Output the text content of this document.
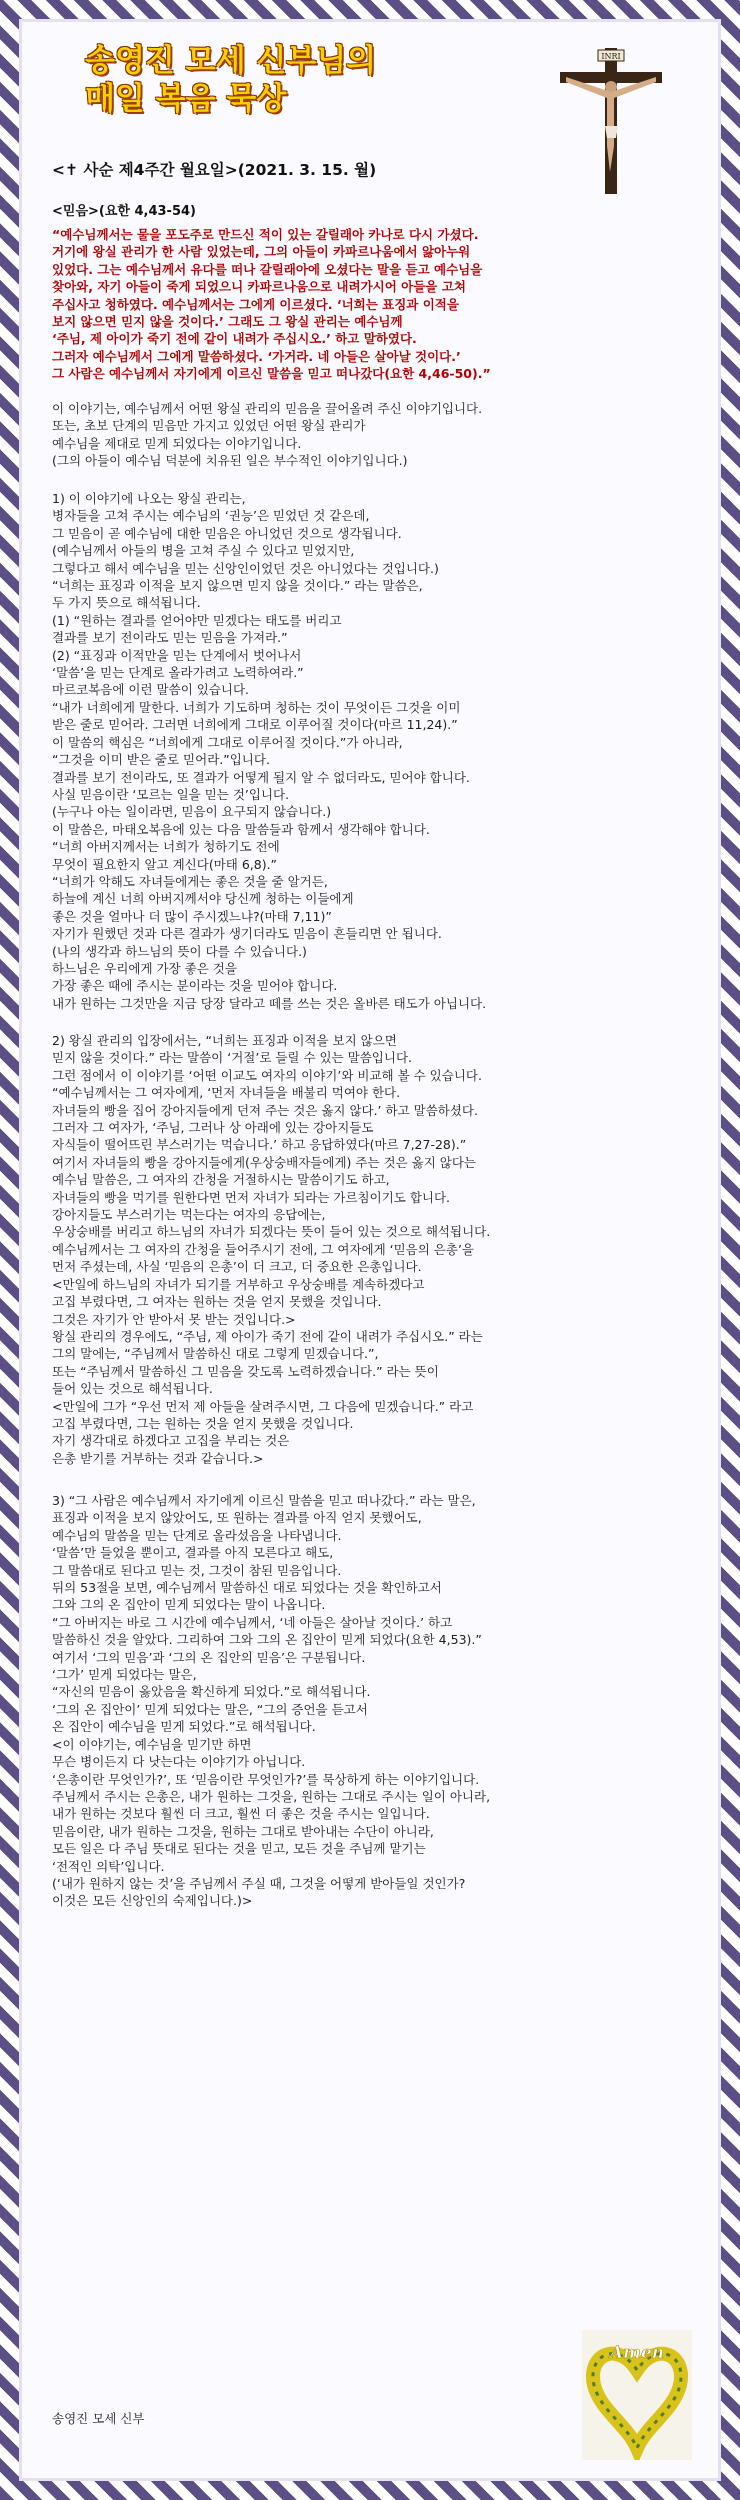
송영진 모세 신부님의
매일 복음 묵상
INRI
<✝ 사순 제4주간 월요일>(2021. 3. 15. 월)
<믿음>(요한 4,43-54)
“예수님께서는 물을 포도주로 만드신 적이 있는 갈릴래아 카나로 다시 가셨다.
거기에 왕실 관리가 한 사람 있었는데, 그의 아들이 카파르나움에서 앓아누워
있었다. 그는 예수님께서 유다를 떠나 갈릴래아에 오셨다는 말을 듣고 예수님을
찾아와, 자기 아들이 죽게 되었으니 카파르나움으로 내려가시어 아들을 고쳐
주십사고 청하였다. 예수님께서는 그에게 이르셨다. ‘너희는 표징과 이적을
보지 않으면 믿지 않을 것이다.’ 그래도 그 왕실 관리는 예수님께
‘주님, 제 아이가 죽기 전에 같이 내려가 주십시오.’ 하고 말하였다.
그러자 예수님께서 그에게 말씀하셨다. ‘가거라. 네 아들은 살아날 것이다.’
그 사람은 예수님께서 자기에게 이르신 말씀을 믿고 떠나갔다(요한 4,46-50).”
이 이야기는, 예수님께서 어떤 왕실 관리의 믿음을 끌어올려 주신 이야기입니다.
또는, 초보 단계의 믿음만 가지고 있었던 어떤 왕실 관리가
예수님을 제대로 믿게 되었다는 이야기입니다.
(그의 아들이 예수님 덕분에 치유된 일은 부수적인 이야기입니다.)
1) 이 이야기에 나오는 왕실 관리는,
병자들을 고쳐 주시는 예수님의 ‘권능’은 믿었던 것 같은데,
그 믿음이 곧 예수님에 대한 믿음은 아니었던 것으로 생각됩니다.
(예수님께서 아들의 병을 고쳐 주실 수 있다고 믿었지만,
그렇다고 해서 예수님을 믿는 신앙인이었던 것은 아니었다는 것입니다.)
“너희는 표징과 이적을 보지 않으면 믿지 않을 것이다.” 라는 말씀은,
두 가지 뜻으로 해석됩니다.
(1) “원하는 결과를 얻어야만 믿겠다는 태도를 버리고
결과를 보기 전이라도 믿는 믿음을 가져라.”
(2) “표징과 이적만을 믿는 단계에서 벗어나서
‘말씀’을 믿는 단계로 올라가려고 노력하여라.”
마르코복음에 이런 말씀이 있습니다.
“내가 너희에게 말한다. 너희가 기도하며 청하는 것이 무엇이든 그것을 이미
받은 줄로 믿어라. 그러면 너희에게 그대로 이루어질 것이다(마르 11,24).”
이 말씀의 핵심은 “너희에게 그대로 이루어질 것이다.”가 아니라,
“그것을 이미 받은 줄로 믿어라.”입니다.
결과를 보기 전이라도, 또 결과가 어떻게 될지 알 수 없더라도, 믿어야 합니다.
사실 믿음이란 ‘모르는 일을 믿는 것’입니다.
(누구나 아는 일이라면, 믿음이 요구되지 않습니다.)
이 말씀은, 마태오복음에 있는 다음 말씀들과 함께서 생각해야 합니다.
“너희 아버지께서는 너희가 청하기도 전에
무엇이 필요한지 알고 계신다(마태 6,8).”
“너희가 악해도 자녀들에게는 좋은 것을 줄 알거든,
하늘에 계신 너희 아버지께서야 당신께 청하는 이들에게
좋은 것을 얼마나 더 많이 주시겠느냐?(마태 7,11)”
자기가 원했던 것과 다른 결과가 생기더라도 믿음이 흔들리면 안 됩니다.
(나의 생각과 하느님의 뜻이 다를 수 있습니다.)
하느님은 우리에게 가장 좋은 것을
가장 좋은 때에 주시는 분이라는 것을 믿어야 합니다.
내가 원하는 그것만을 지금 당장 달라고 떼를 쓰는 것은 올바른 태도가 아닙니다.
2) 왕실 관리의 입장에서는, “너희는 표징과 이적을 보지 않으면
믿지 않을 것이다.” 라는 말씀이 ‘거절’로 들릴 수 있는 말씀입니다.
그런 점에서 이 이야기를 ‘어떤 이교도 여자의 이야기’와 비교해 볼 수 있습니다.
“예수님께서는 그 여자에게, ‘먼저 자녀들을 배불리 먹여야 한다.
자녀들의 빵을 집어 강아지들에게 던져 주는 것은 옳지 않다.’ 하고 말씀하셨다.
그러자 그 여자가, ‘주님, 그러나 상 아래에 있는 강아지들도
자식들이 떨어뜨린 부스러기는 먹습니다.’ 하고 응답하였다(마르 7,27-28).”
여기서 자녀들의 빵을 강아지들에게(우상숭배자들에게) 주는 것은 옳지 않다는
예수님 말씀은, 그 여자의 간청을 거절하시는 말씀이기도 하고,
자녀들의 빵을 먹기를 원한다면 먼저 자녀가 되라는 가르침이기도 합니다.
강아지들도 부스러기는 먹는다는 여자의 응답에는,
우상숭배를 버리고 하느님의 자녀가 되겠다는 뜻이 들어 있는 것으로 해석됩니다.
예수님께서는 그 여자의 간청을 들어주시기 전에, 그 여자에게 ‘믿음의 은총’을
먼저 주셨는데, 사실 ‘믿음의 은총’이 더 크고, 더 중요한 은총입니다.
<만일에 하느님의 자녀가 되기를 거부하고 우상숭배를 계속하겠다고
고집 부렸다면, 그 여자는 원하는 것을 얻지 못했을 것입니다.
그것은 자기가 안 받아서 못 받는 것입니다.>
왕실 관리의 경우에도, “주님, 제 아이가 죽기 전에 같이 내려가 주십시오.” 라는
그의 말에는, “주님께서 말씀하신 대로 그렇게 믿겠습니다.”,
또는 “주님께서 말씀하신 그 믿음을 갖도록 노력하겠습니다.” 라는 뜻이
들어 있는 것으로 해석됩니다.
<만일에 그가 “우선 먼저 제 아들을 살려주시면, 그 다음에 믿겠습니다.” 라고
고집 부렸다면, 그는 원하는 것을 얻지 못했을 것입니다.
자기 생각대로 하겠다고 고집을 부리는 것은
은총 받기를 거부하는 것과 같습니다.>
3) “그 사람은 예수님께서 자기에게 이르신 말씀을 믿고 떠나갔다.” 라는 말은,
표징과 이적을 보지 않았어도, 또 원하는 결과를 아직 얻지 못했어도,
예수님의 말씀을 믿는 단계로 올라섰음을 나타냅니다.
‘말씀’만 들었을 뿐이고, 결과를 아직 모른다고 해도,
그 말씀대로 된다고 믿는 것, 그것이 참된 믿음입니다.
뒤의 53절을 보면, 예수님께서 말씀하신 대로 되었다는 것을 확인하고서
그와 그의 온 집안이 믿게 되었다는 말이 나옵니다.
“그 아버지는 바로 그 시간에 예수님께서, ‘네 아들은 살아날 것이다.’ 하고
말씀하신 것을 알았다. 그리하여 그와 그의 온 집안이 믿게 되었다(요한 4,53).”
여기서 ‘그의 믿음’과 ‘그의 온 집안의 믿음’은 구분됩니다.
‘그가’ 믿게 되었다는 말은,
“자신의 믿음이 옳았음을 확신하게 되었다.”로 해석됩니다.
‘그의 온 집안이’ 믿게 되었다는 말은, “그의 증언을 듣고서
온 집안이 예수님을 믿게 되었다.”로 해석됩니다.
<이 이야기는, 예수님을 믿기만 하면
무슨 병이든지 다 낫는다는 이야기가 아닙니다.
‘은총이란 무엇인가?’, 또 ‘믿음이란 무엇인가?’를 묵상하게 하는 이야기입니다.
주님께서 주시는 은총은, 내가 원하는 그것을, 원하는 그대로 주시는 일이 아니라,
내가 원하는 것보다 훨씬 더 크고, 훨씬 더 좋은 것을 주시는 일입니다.
믿음이란, 내가 원하는 그것을, 원하는 그대로 받아내는 수단이 아니라,
모든 일은 다 주님 뜻대로 된다는 것을 믿고, 모든 것을 주님께 맡기는
‘전적인 의탁’입니다.
(‘내가 원하지 않는 것’을 주님께서 주실 때, 그것을 어떻게 받아들일 것인가?
이것은 모든 신앙인의 숙제입니다.)>
송영진 모세 신부
Amen
